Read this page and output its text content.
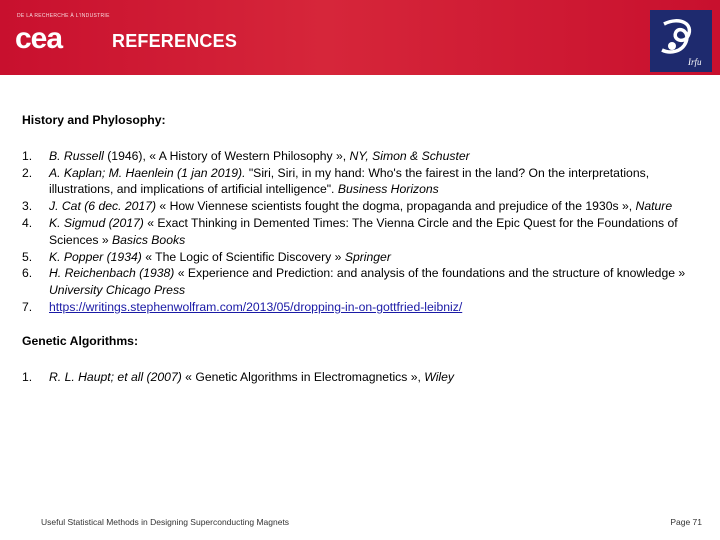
DE LA RECHERCHE À L'INDUSTRIE
cea	REFERENCES
Irfu

History and Phylosophy:

1. B. Russell (1946), « A History of Western Philosophy », NY, Simon & Schuster
2. A. Kaplan; M. Haenlein (1 jan 2019). "Siri, Siri, in my hand: Who's the fairest in the land? On the interpretations, illustrations, and implications of artificial intelligence". Business Horizons
3. J. Cat (6 dec. 2017) « How Viennese scientists fought the dogma, propaganda and prejudice of the 1930s », Nature
4. K. Sigmud (2017) « Exact Thinking in Demented Times: The Vienna Circle and the Epic Quest for the Foundations of Sciences » Basics Books
5. K. Popper (1934) « The Logic of Scientific Discovery » Springer
6. H. Reichenbach (1938) « Experience and Prediction: and analysis of the foundations and the structure of knowledge » University Chicago Press
7. https://writings.stephenwolfram.com/2013/05/dropping-in-on-gottfried-leibniz/

Genetic Algorithms:

1. R. L. Haupt; et all (2007) « Genetic Algorithms in Electromagnetics », Wiley
Useful Statistical Methods in Designing Superconducting Magnets	Page 71
